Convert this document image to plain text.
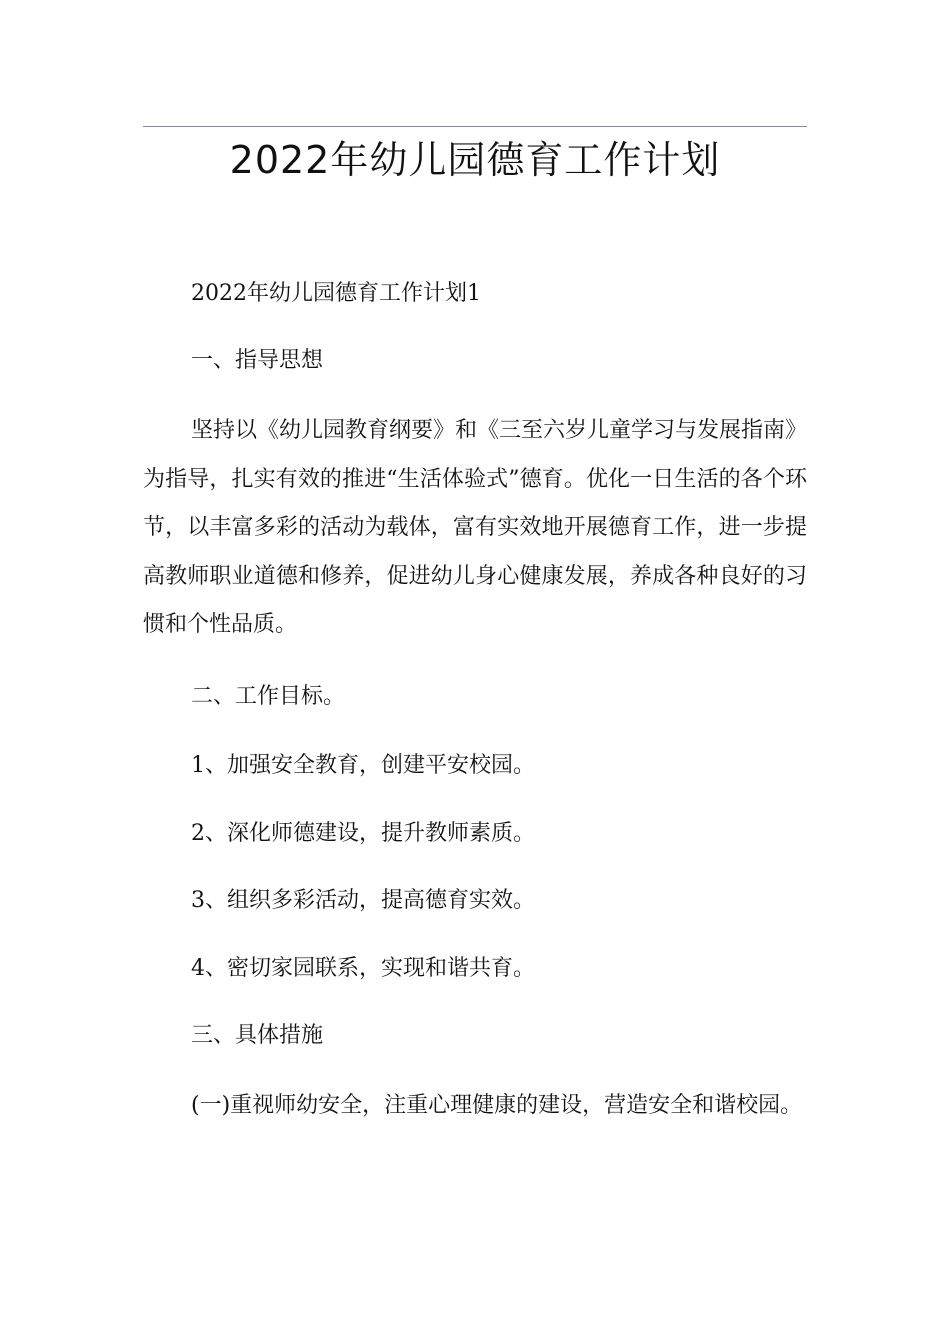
2022年幼儿园德育工作计划

2022年幼儿园德育工作计划1

一、指导思想

坚持以《幼儿园教育纲要》和《三至六岁儿童学习与发展指南》为指导，扎实有效的推进“生活体验式”德育。优化一日生活的各个环节，以丰富多彩的活动为载体，富有实效地开展德育工作，进一步提高教师职业道德和修养，促进幼儿身心健康发展，养成各种良好的习惯和个性品质。

二、工作目标。

1、加强安全教育，创建平安校园。

2、深化师德建设，提升教师素质。

3、组织多彩活动，提高德育实效。

4、密切家园联系，实现和谐共育。

三、具体措施

(一)重视师幼安全，注重心理健康的建设，营造安全和谐校园。
